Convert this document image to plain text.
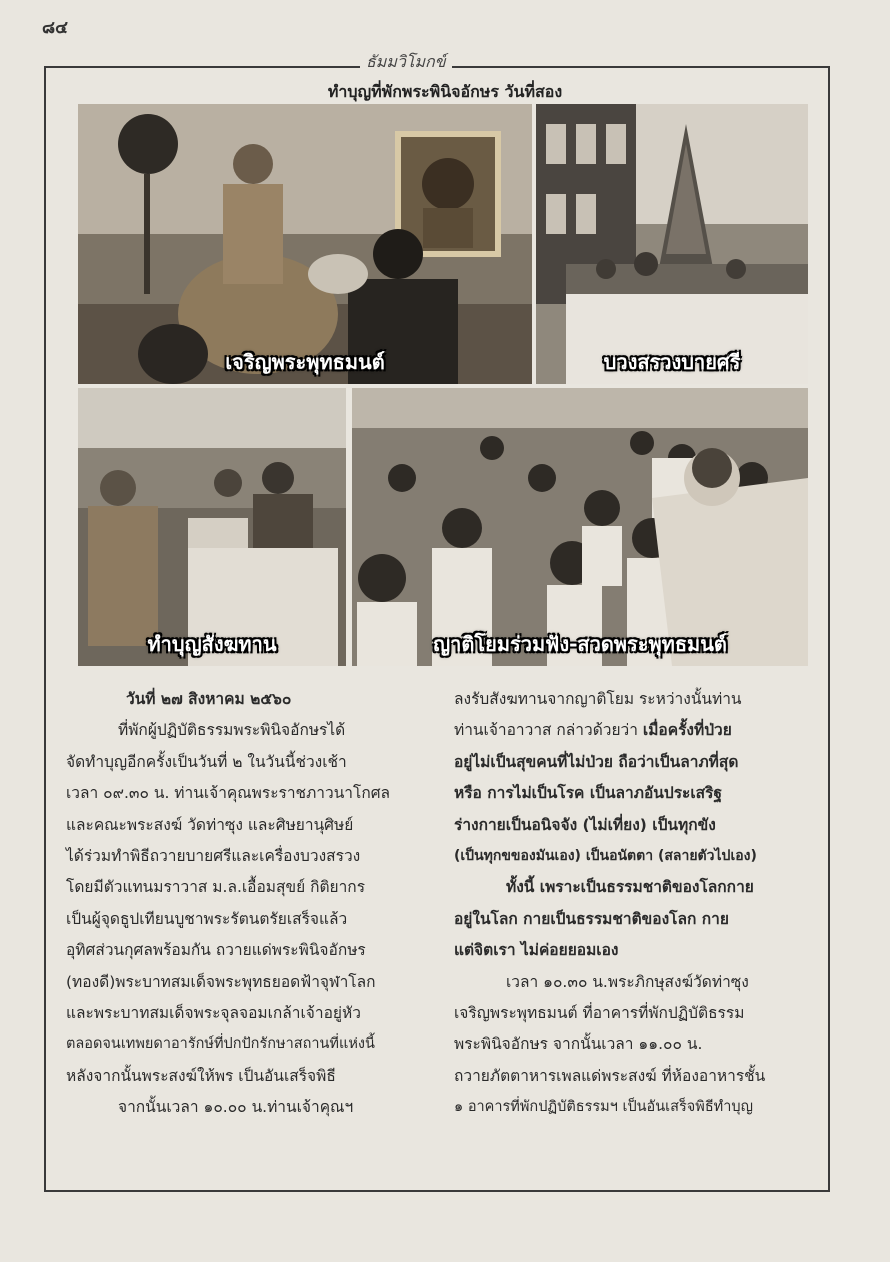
๘๔
ธัมมวิโมกข์
ทำบุญที่พักพระพินิจอักษร วันที่สอง
เจริญพระพุทธมนต์	บวงสรวงบายศรี
ทำบุญสังฆทาน	ญาติโยมร่วมฟัง-สวดพระพุทธมนต์
วันที่ ๒๗ สิงหาคม ๒๕๖๐
ที่พักผู้ปฏิบัติธรรมพระพินิจอักษรได้
จัดทำบุญอีกครั้งเป็นวันที่ ๒ ในวันนี้ช่วงเช้า
เวลา ๐๙.๓๐ น. ท่านเจ้าคุณพระราชภาวนาโกศล
และคณะพระสงฆ์ วัดท่าซุง และศิษยานุศิษย์
ได้ร่วมทำพิธีถวายบายศรีและเครื่องบวงสรวง
โดยมีตัวแทนมราวาส ม.ล.เอื้อมสุขย์ กิติยากร
เป็นผู้จุดธูปเทียนบูชาพระรัตนตรัยเสร็จแล้ว
อุทิศส่วนกุศลพร้อมกัน ถวายแด่พระพินิจอักษร
(ทองดี)พระบาทสมเด็จพระพุทธยอดฟ้าจุฬาโลก
และพระบาทสมเด็จพระจุลจอมเกล้าเจ้าอยู่หัว
ตลอดจนเทพยดาอารักษ์ที่ปกปักรักษาสถานที่แห่งนี้
หลังจากนั้นพระสงฆ์ให้พร เป็นอันเสร็จพิธี
จากนั้นเวลา ๑๐.๐๐ น.ท่านเจ้าคุณฯ
ลงรับสังฆทานจากญาติโยม ระหว่างนั้นท่าน
ท่านเจ้าอาวาส กล่าวด้วยว่า เมื่อครั้งที่ป่วย
อยู่ไม่เป็นสุขคนที่ไม่ป่วย ถือว่าเป็นลาภที่สุด
หรือ การไม่เป็นโรค เป็นลาภอันประเสริฐ
ร่างกายเป็นอนิจจัง (ไม่เที่ยง) เป็นทุกขัง
(เป็นทุกขของมันเอง) เป็นอนัตตา (สลายตัวไปเอง)
ทั้งนี้ เพราะเป็นธรรมชาติของโลกกาย
อยู่ในโลก กายเป็นธรรมชาติของโลก กาย
แต่จิตเรา ไม่ค่อยยอมเอง
เวลา ๑๐.๓๐ น.พระภิกษุสงฆ์วัดท่าซุง
เจริญพระพุทธมนต์ ที่อาคารที่พักปฏิบัติธรรม
พระพินิจอักษร จากนั้นเวลา ๑๑.๐๐ น.
ถวายภัตตาหารเพลแด่พระสงฆ์ ที่ห้องอาหารชั้น
๑ อาคารที่พักปฏิบัติธรรมฯ เป็นอันเสร็จพิธีทำบุญ
